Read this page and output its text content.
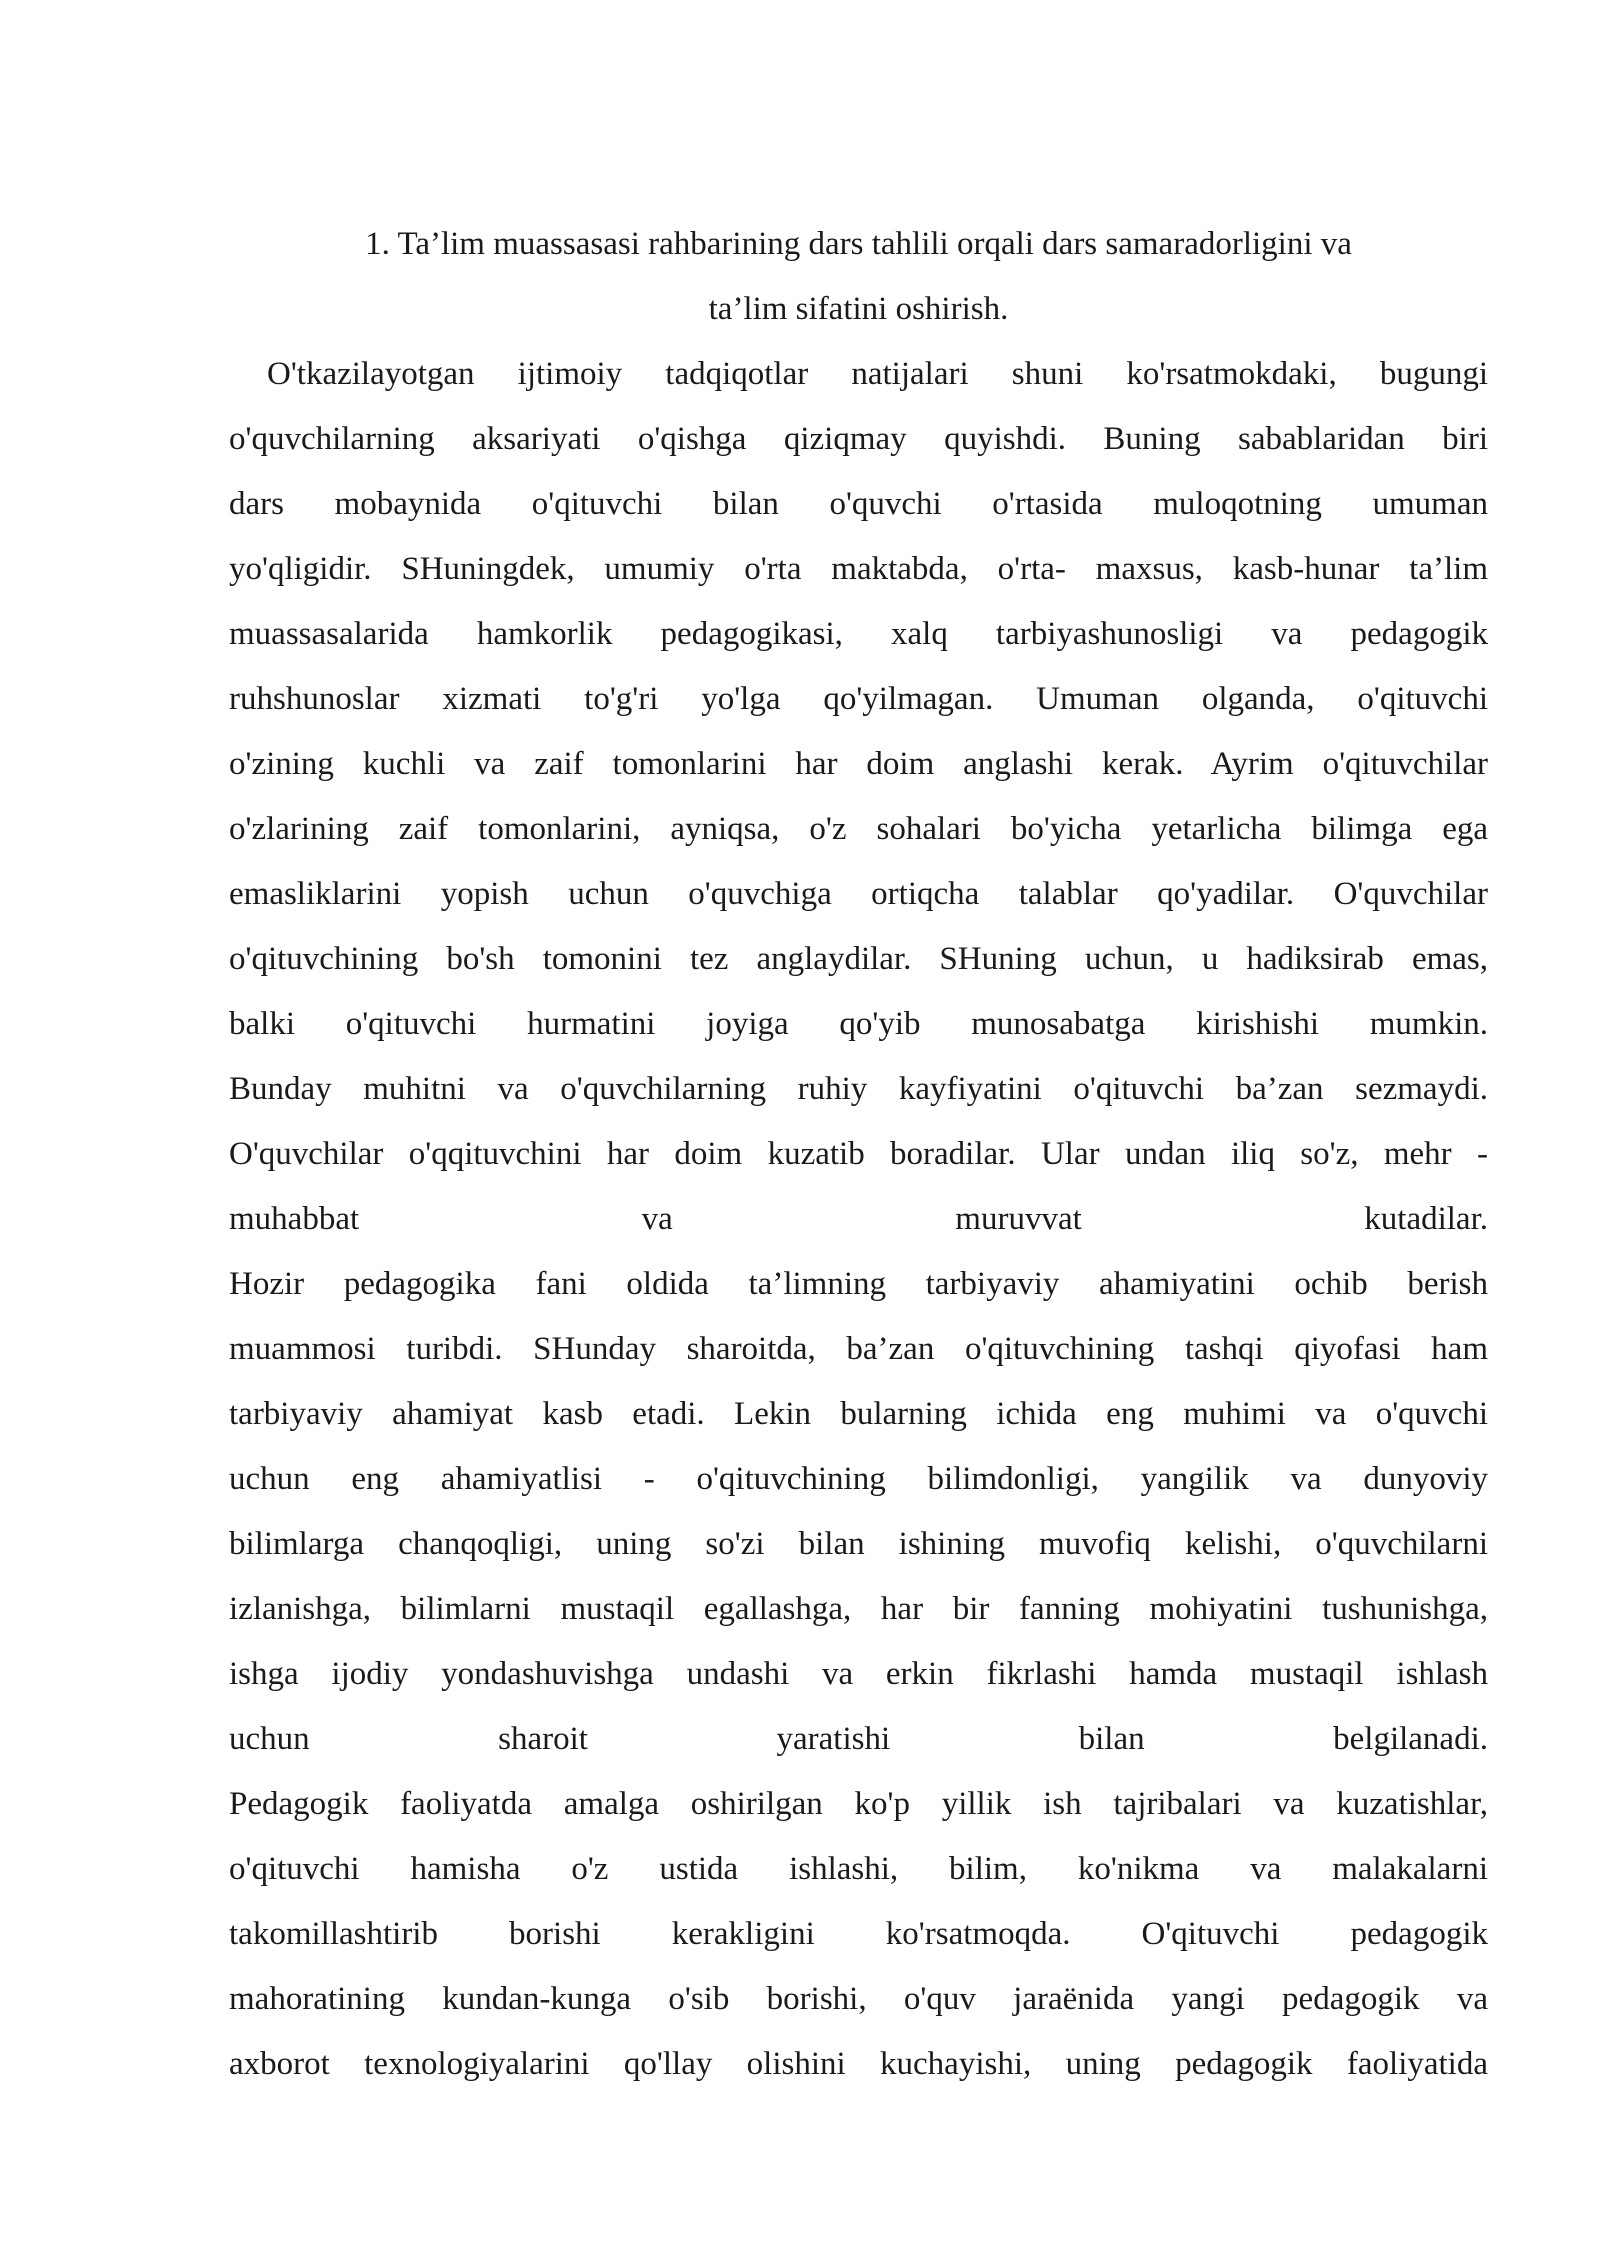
1. Ta’lim muassasasi rahbarining dars tahlili orqali dars samaradorligini va
ta’lim sifatini oshirish.
O'tkazilayotgan ijtimoiy tadqiqotlar natijalari shuni ko'rsatmokdaki, bugungi
o'quvchilarning aksariyati o'qishga qiziqmay quyishdi. Buning sabablaridan biri
dars mobaynida o'qituvchi bilan o'quvchi o'rtasida muloqotning umuman
yo'qligidir. SHuningdek, umumiy o'rta maktabda, o'rta- maxsus, kasb-hunar ta’lim
muassasalarida hamkorlik pedagogikasi, xalq tarbiyashunosligi va pedagogik
ruhshunoslar xizmati to'g'ri yo'lga qo'yilmagan. Umuman olganda, o'qituvchi
o'zining kuchli va zaif tomonlarini har doim anglashi kerak. Ayrim o'qituvchilar
o'zlarining zaif tomonlarini, ayniqsa, o'z sohalari bo'yicha yetarlicha bilimga ega
emasliklarini yopish uchun o'quvchiga ortiqcha talablar qo'yadilar. O'quvchilar
o'qituvchining bo'sh tomonini tez anglaydilar. SHuning uchun, u hadiksirab emas,
balki o'qituvchi hurmatini joyiga qo'yib munosabatga kirishishi mumkin.
Bunday muhitni va o'quvchilarning ruhiy kayfiyatini o'qituvchi ba’zan sezmaydi.
O'quvchilar o'qqituvchini har doim kuzatib boradilar. Ular undan iliq so'z, mehr -
muhabbat va muruvvat kutadilar.
Hozir pedagogika fani oldida ta’limning tarbiyaviy ahamiyatini ochib berish
muammosi turibdi. SHunday sharoitda, ba’zan o'qituvchining tashqi qiyofasi ham
tarbiyaviy ahamiyat kasb etadi. Lekin bularning ichida eng muhimi va o'quvchi
uchun eng ahamiyatlisi - o'qituvchining bilimdonligi, yangilik va dunyoviy
bilimlarga chanqoqligi, uning so'zi bilan ishining muvofiq kelishi, o'quvchilarni
izlanishga, bilimlarni mustaqil egallashga, har bir fanning mohiyatini tushunishga,
ishga ijodiy yondashuvishga undashi va erkin fikrlashi hamda mustaqil ishlash
uchun sharoit yaratishi bilan belgilanadi.
Pedagogik faoliyatda amalga oshirilgan ko'p yillik ish tajribalari va kuzatishlar,
o'qituvchi hamisha o'z ustida ishlashi, bilim, ko'nikma va malakalarni
takomillashtirib borishi kerakligini ko'rsatmoqda. O'qituvchi pedagogik
mahoratining kundan-kunga o'sib borishi, o'quv jaraënida yangi pedagogik va
axborot texnologiyalarini qo'llay olishini kuchayishi, uning pedagogik faoliyatida
